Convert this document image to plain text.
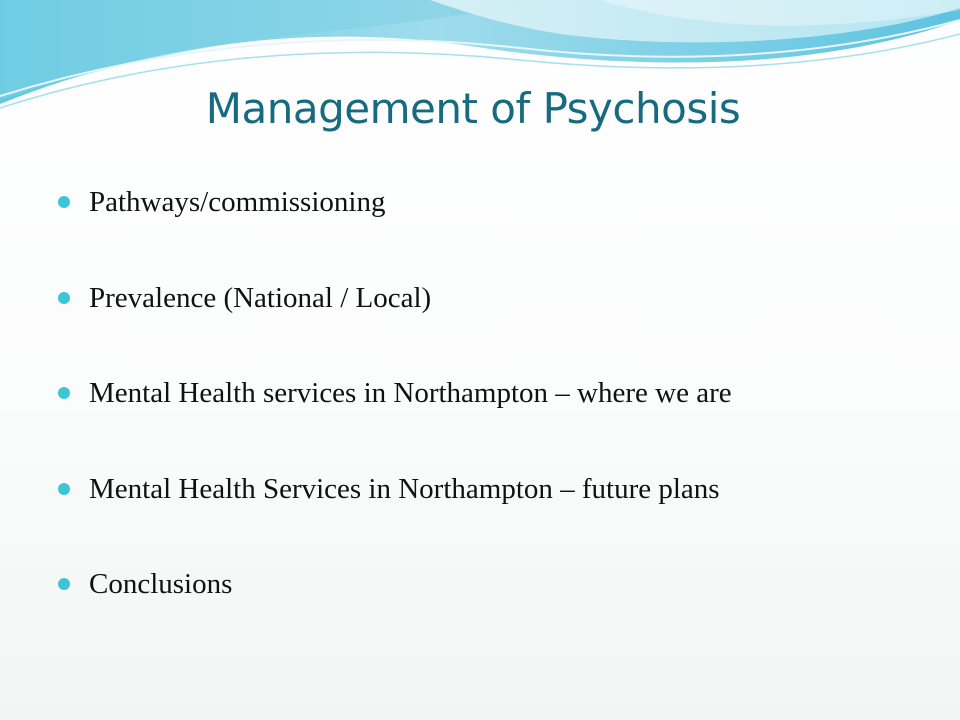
Management of Psychosis
Pathways/commissioning
Prevalence (National / Local)
Mental Health services in Northampton – where we are
Mental Health Services in Northampton – future plans
Conclusions
